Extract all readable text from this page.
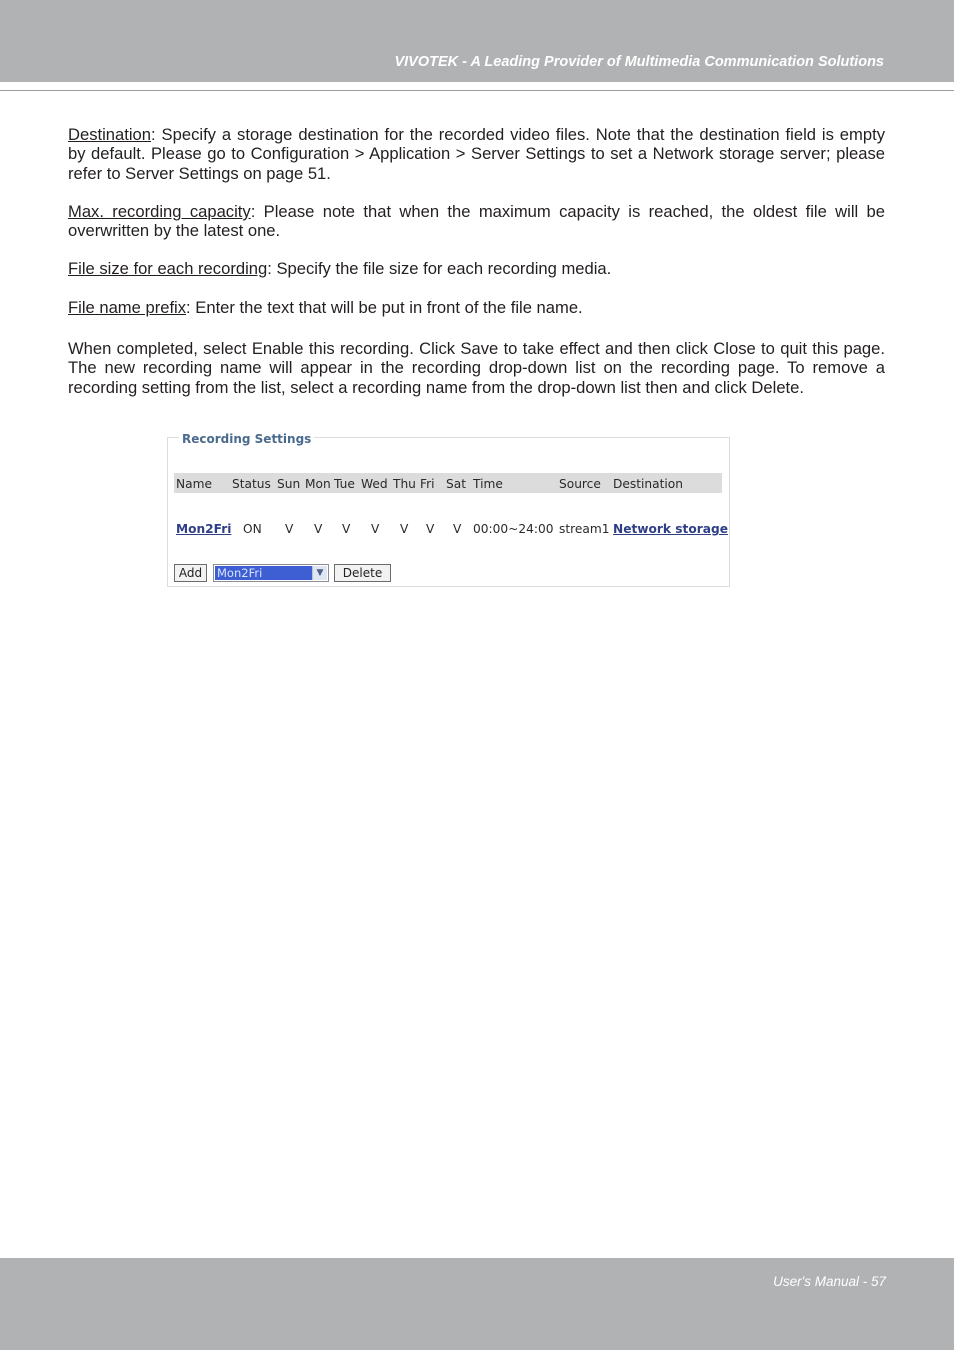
VIVOTEK - A Leading Provider of Multimedia Communication Solutions

Destination: Specify a storage destination for the recorded video files. Note that the destination field is empty by default. Please go to Configuration > Application > Server Settings to set a Network storage server; please refer to Server Settings on page 51.

Max. recording capacity: Please note that when the maximum capacity is reached, the oldest file will be overwritten by the latest one.

File size for each recording: Specify the file size for each recording media.

File name prefix: Enter the text that will be put in front of the file name.

When completed, select Enable this recording. Click Save to take effect and then click Close to quit this page. The new recording name will appear in the recording drop-down list on the recording page. To remove a recording setting from the list, select a recording name from the drop-down list then and click Delete.

Recording Settings
Name Status Sun Mon Tue Wed Thu Fri Sat Time	Source Destination
Mon2Fri ON V V V V V V V 00:00~24:00 stream1 Network storage
Add	Mon2Fri	▼	Delete
User's Manual - 57
